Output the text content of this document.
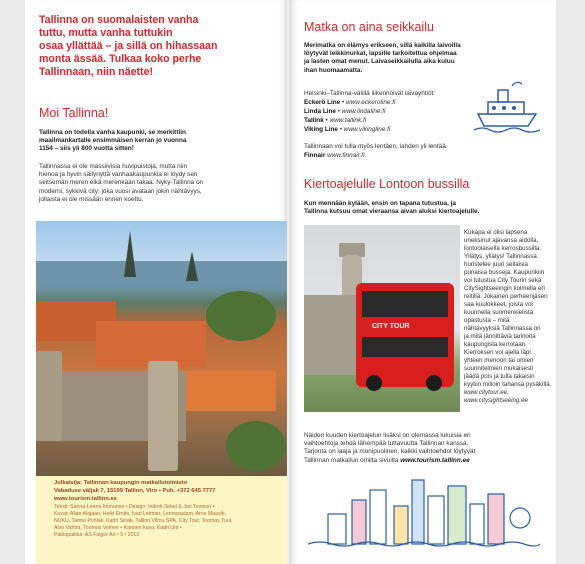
Tallinna on suomalaisten vanha
tuttu, mutta vanha tuttukin
osaa yllättää – ja sillä on hihassaan
monta ässää. Tulkaa koko perhe
Tallinnaan, niin näette!

Moi Tallinna!

Tallinna on todella vanha kaupunki, se merkittiin
maailmankartalle ensimmäisen kerran jo vuonna
1154 – siis yli 800 vuotta sitten!

Tallinnassa ei ole massiivisia huvipuistoja, mutta niin
hienoa ja hyvin säilynyttä vanhaakaupunkia ei löydy sen
seitsemän meren eikä merenkään takaa. Nyky-Tallinna on
moderni, sykkivä city: joka vuosi avataan jokin nähtävyys,
jollaista ei ole missään ennen koettu.

Julkaisija: Tallinnan kaupungin matkailutoimisto

Vabaduse väljak 7, 15199 Tallinn, Viro • Puh. +372 645 7777

www.tourism.tallinn.ee

Teksti: Sanna-Leena Immanen • Design: Indrek Sirkel & Jan Tomson •
Kuvat: Allan Alajaan, Heiki Ernits, Ivari Leiman, Lennusadam, Arne Maasik,
NUKU, Tarmo Pohlak, Kadri Sinak, Tallinn Vilmu SPA, City Tour, Toomas Tuul,
Aivo Vahtra, Toomas Volmer • Kannen kuva: Kadri Unt •
Painopaikka: AS Folger Art • 5 / 2013

Matka on aina seikkailu

Merimatka on elämys erikseen, sillä kaikilla laivoilla
löytyvät leikkinurkat, lapsille tarkoitettua ohjelmaa
ja lasten omat menut. Laivaseikkailulla aika kuluu
ihan huomaamatta.

Helsinki–Tallinna-välillä liikennöivät laivayhtiöt:

Eckerö Line • www.eckeroline.fi

Linda Line • www.lindaline.fi

Tallink • www.tallink.fi

Viking Line • www.vikingline.fi

Tallinnaan voi tulla myös lentäen, lahden yli lentää

Finnair www.finnair.fi.

Kiertoajelulle Lontoon bussilla

Kun mennään kylään, ensin on tapana tutustua, ja
Tallinna kutsuu omat vieraansa aivan aluksi kiertoajelulle.

CITY TOUR

Kukapa ei olisi lapsena
uneksinut ajavansa aidolla,
lontoolaisella kerrosbussilla.
Yllätys, yllätys! Tallinnassa
huristelee juuri sellaisia
punaisia busseja. Kaupunkiin
voi tutustua City Tourin sekä
CitySightseeingin kolmella eri
reitillä. Jokainen perheenjäsen
saa kuulokkeet, joista voi
kuunnella suomenkielistä
opastusta – mitä
nähtävyyksiä Tallinnassa on
ja mitä jännittäviä tarinoita
kaupungista kerrotaan.
Kierroksen voi ajella läpi
yhteen menoon tai omien
suunnitelmien mukaisesti
jäädä pois ja tulla takaisin
kyytiin milloin tahansa pysäkillä.
www.citytour.ee,
www.citysightseeing.ee

Näiden kuuden kiertoajelun lisäksi on olemassa lukuisia eri
vaihtoehtoja tehdä lähempää tuttavuutta Tallinnan kanssa.
Tarjonta on laaja ja monipuolinen, kaikki vaihtoehdot löytyvät
Tallinnan matkailun omilta sivuilta www.tourism.tallinn.ee
